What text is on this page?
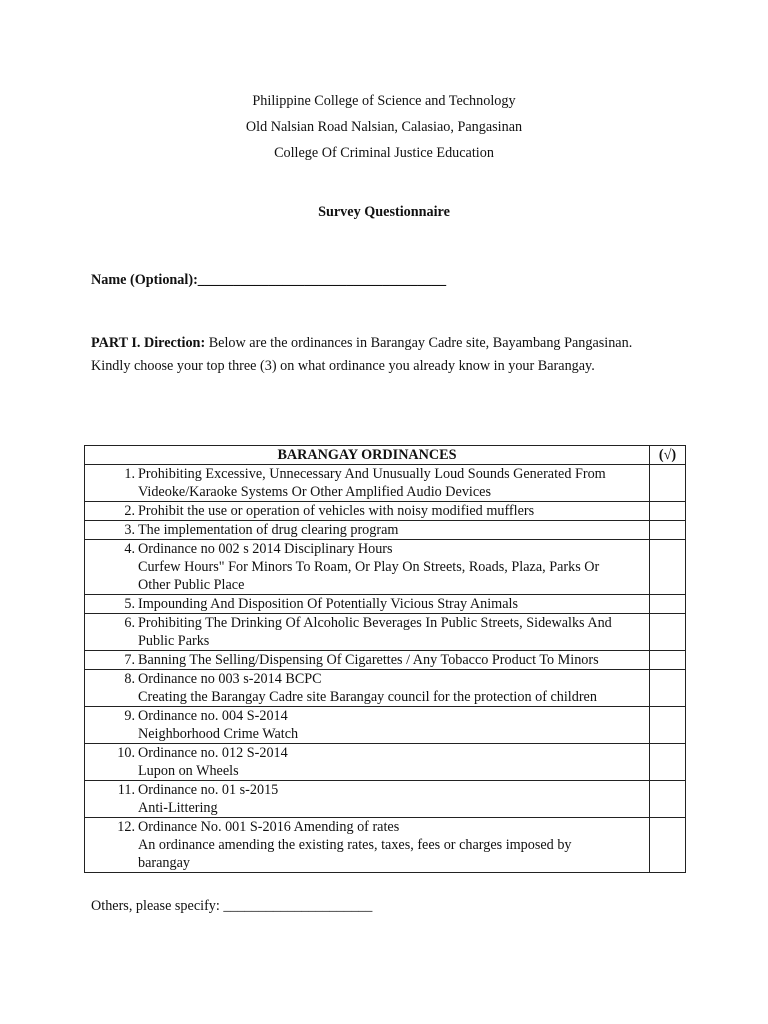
Philippine College of Science and Technology
Old Nalsian Road Nalsian, Calasiao, Pangasinan
College Of Criminal Justice Education
Survey Questionnaire
Name (Optional):___________________________________
PART I. Direction: Below are the ordinances in Barangay Cadre site, Bayambang Pangasinan. Kindly choose your top three (3) on what ordinance you already know in your Barangay.
BARANGAY ORDINANCES	(√)
1. Prohibiting Excessive, Unnecessary And Unusually Loud Sounds Generated From
Videoke/Karaoke Systems Or Other Amplified Audio Devices	

2. Prohibit the use or operation of vehicles with noisy modified mufflers	

3. The implementation of drug clearing program	

4. Ordinance no 002 s 2014 Disciplinary Hours
Curfew Hours" For Minors To Roam, Or Play On Streets, Roads, Plaza, Parks Or
Other Public Place	

5. Impounding And Disposition Of Potentially Vicious Stray Animals	

6. Prohibiting The Drinking Of Alcoholic Beverages In Public Streets, Sidewalks And
Public Parks	

7. Banning The Selling/Dispensing Of Cigarettes / Any Tobacco Product To Minors	

8. Ordinance no 003 s-2014 BCPC
Creating the Barangay Cadre site Barangay council for the protection of children	

9. Ordinance no. 004 S-2014
Neighborhood Crime Watch	

10. Ordinance no. 012 S-2014
Lupon on Wheels	

11. Ordinance no. 01 s-2015
Anti-Littering	

12. Ordinance No. 001 S-2016 Amending of rates
An ordinance amending the existing rates, taxes, fees or charges imposed by
barangay	

Others, please specify: _____________________
